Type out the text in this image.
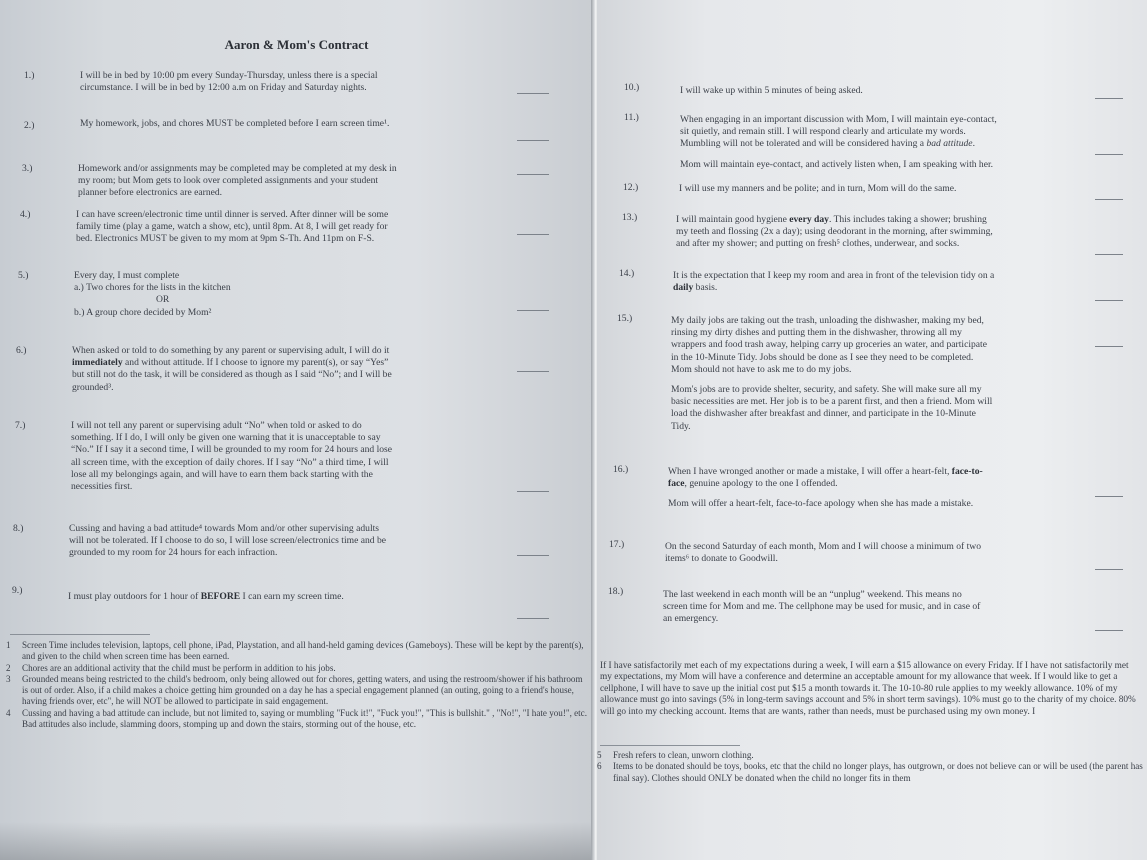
Aaron & Mom's Contract
1.)	I will be in bed by 10:00 pm every Sunday-Thursday, unless there is a special
circumstance. I will be in bed by 12:00 a.m on Friday and Saturday nights.
2.)	My homework, jobs, and chores MUST be completed before I earn screen time¹.
3.)	Homework and/or assignments may be completed may be completed at my desk in
my room; but Mom gets to look over completed assignments and your student
planner before electronics are earned.
4.)	I can have screen/electronic time until dinner is served. After dinner will be some
family time (play a game, watch a show, etc), until 8pm. At 8, I will get ready for
bed. Electronics MUST be given to my mom at 9pm S-Th. And 11pm on F-S.
5.)	Every day, I must complete
a.) Two chores for the lists in the kitchen
OR
b.) A group chore decided by Mom²
6.)	When asked or told to do something by any parent or supervising adult, I will do it
immediately and without attitude. If I choose to ignore my parent(s), or say “Yes”
but still not do the task, it will be considered as though as I said “No”; and I will be
grounded³.
7.)	I will not tell any parent or supervising adult “No” when told or asked to do
something. If I do, I will only be given one warning that it is unacceptable to say
“No.” If I say it a second time, I will be grounded to my room for 24 hours and lose
all screen time, with the exception of daily chores. If I say “No” a third time, I will
lose all my belongings again, and will have to earn them back starting with the
necessities first.
8.)	Cussing and having a bad attitude⁴ towards Mom and/or other supervising adults
will not be tolerated. If I choose to do so, I will lose screen/electronics time and be
grounded to my room for 24 hours for each infraction.
9.)
I must play outdoors for 1 hour of BEFORE I can earn my screen time.
1 Screen Time includes television, laptops, cell phone, iPad, Playstation, and all hand-held gaming devices (Gameboys). These will be kept by the parent(s), and given to the child when screen time has been earned.
2 Chores are an additional activity that the child must be perform in addition to his jobs.
3 Grounded means being restricted to the child's bedroom, only being allowed out for chores, getting waters, and using the restroom/shower if his bathroom is out of order. Also, if a child makes a choice getting him grounded on a day he has a special engagement planned (an outing, going to a friend's house, having friends over, etc", he will NOT be allowed to participate in said engagement.
4 Cussing and having a bad attitude can include, but not limited to, saying or mumbling "Fuck it!", "Fuck you!", "This is bullshit." , "No!", "I hate you!", etc. Bad attitudes also include, slamming doors, stomping up and down the stairs, storming out of the house, etc.
10.)	I will wake up within 5 minutes of being asked.
11.)	When engaging in an important discussion with Mom, I will maintain eye-contact,
sit quietly, and remain still. I will respond clearly and articulate my words.
Mumbling will not be tolerated and will be considered having a bad attitude.
Mom will maintain eye-contact, and actively listen when, I am speaking with her.
12.)	I will use my manners and be polite; and in turn, Mom will do the same.
13.)	I will maintain good hygiene every day. This includes taking a shower; brushing
my teeth and flossing (2x a day); using deodorant in the morning, after swimming,
and after my shower; and putting on fresh⁵ clothes, underwear, and socks.
14.)	It is the expectation that I keep my room and area in front of the television tidy on a
daily basis.
15.)	My daily jobs are taking out the trash, unloading the dishwasher, making my bed,
rinsing my dirty dishes and putting them in the dishwasher, throwing all my
wrappers and food trash away, helping carry up groceries an water, and participate
in the 10-Minute Tidy. Jobs should be done as I see they need to be completed.
Mom should not have to ask me to do my jobs.
Mom's jobs are to provide shelter, security, and safety. She will make sure all my
basic necessities are met. Her job is to be a parent first, and then a friend. Mom will
load the dishwasher after breakfast and dinner, and participate in the 10-Minute
Tidy.
16.)	When I have wronged another or made a mistake, I will offer a heart-felt, face-to-
face, genuine apology to the one I offended.
Mom will offer a heart-felt, face-to-face apology when she has made a mistake.
17.)	On the second Saturday of each month, Mom and I will choose a minimum of two
items⁶ to donate to Goodwill.
18.)	The last weekend in each month will be an “unplug” weekend. This means no
screen time for Mom and me. The cellphone may be used for music, and in case of
an emergency.
If I have satisfactorily met each of my expectations during a week, I will earn a $15 allowance on every Friday. If I have not satisfactorily met my expectations, my Mom will have a conference and determine an acceptable amount for my allowance that week. If I would like to get a cellphone, I will have to save up the initial cost put $15 a month towards it. The 10-10-80 rule applies to my weekly allowance. 10% of my allowance must go into savings (5% in long-term savings account and 5% in short term savings). 10% must go to the charity of my choice. 80% will go into my checking account. Items that are wants, rather than needs, must be purchased using my own money. I
5 Fresh refers to clean, unworn clothing.
6 Items to be donated should be toys, books, etc that the child no longer plays, has outgrown, or does not believe can or will be used (the parent has final say). Clothes should ONLY be donated when the child no longer fits in them
